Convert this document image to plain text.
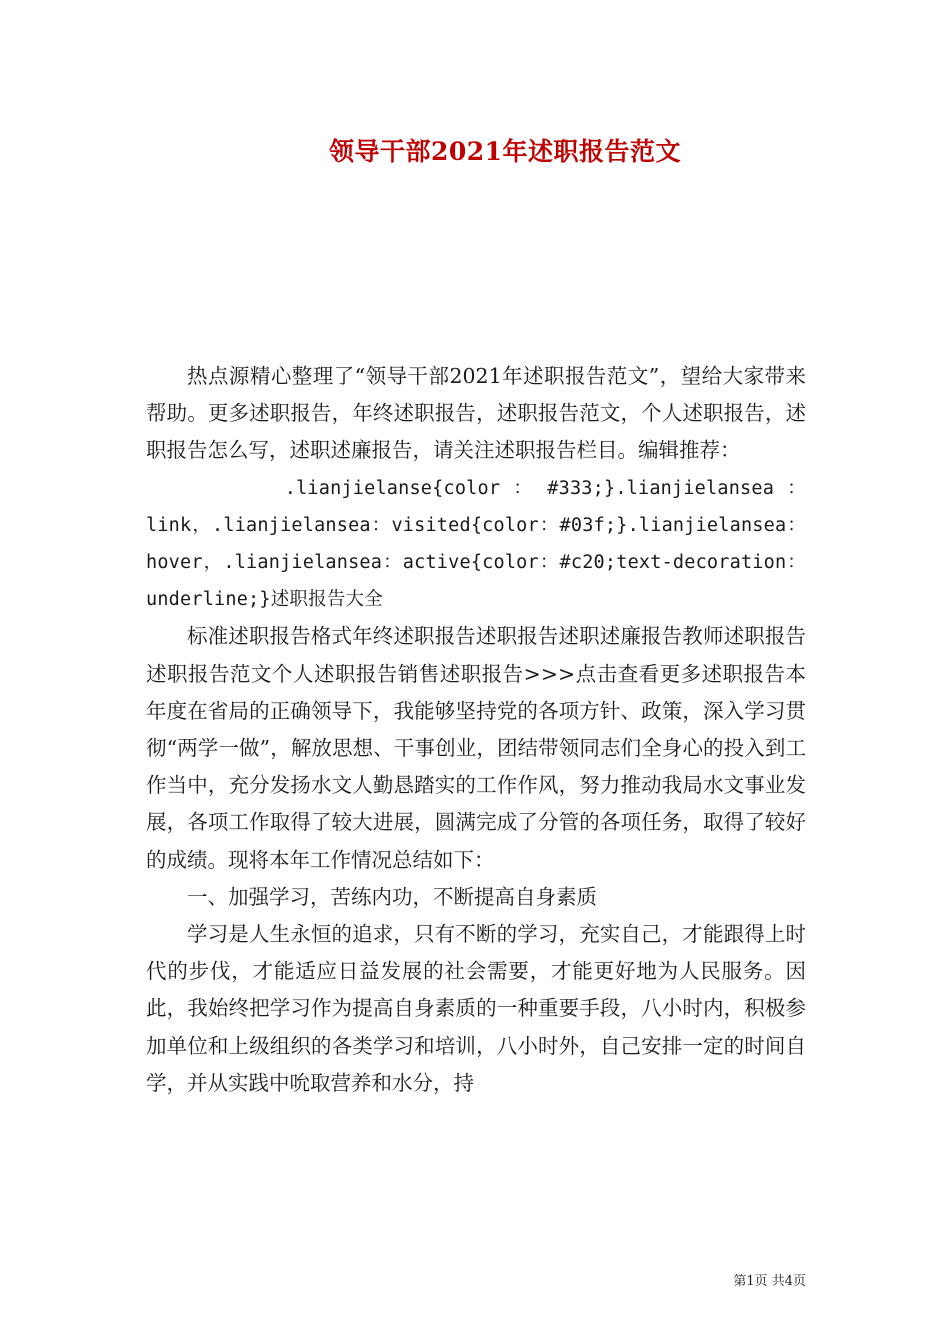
领导干部2021年述职报告范文

热点源精心整理了“领导干部2021年述职报告范文”，望给大家带来帮助。更多述职报告，年终述职报告，述职报告范文，个人述职报告，述职报告怎么写，述职述廉报告，请关注述职报告栏目。编辑推荐：

.lianjielanse{color ： #333;}.lianjielansea ：link，.lianjielansea：visited{color：#03f;}.lianjielansea：hover，.lianjielansea：active{color：#c20;text-decoration：underline;}述职报告大全

标准述职报告格式年终述职报告述职报告述职述廉报告教师述职报告述职报告范文个人述职报告销售述职报告>>>点击查看更多述职报告本年度在省局的正确领导下，我能够坚持党的各项方针、政策，深入学习贯彻“两学一做”，解放思想、干事创业，团结带领同志们全身心的投入到工作当中，充分发扬水文人勤恳踏实的工作作风，努力推动我局水文事业发展，各项工作取得了较大进展，圆满完成了分管的各项任务，取得了较好的成绩。现将本年工作情况总结如下：

一、加强学习，苦练内功，不断提高自身素质

学习是人生永恒的追求，只有不断的学习，充实自己，才能跟得上时代的步伐，才能适应日益发展的社会需要，才能更好地为人民服务。因此，我始终把学习作为提高自身素质的一种重要手段，八小时内，积极参加单位和上级组织的各类学习和培训，八小时外，自己安排一定的时间自学，并从实践中吮取营养和水分，持

第1页 共4页
